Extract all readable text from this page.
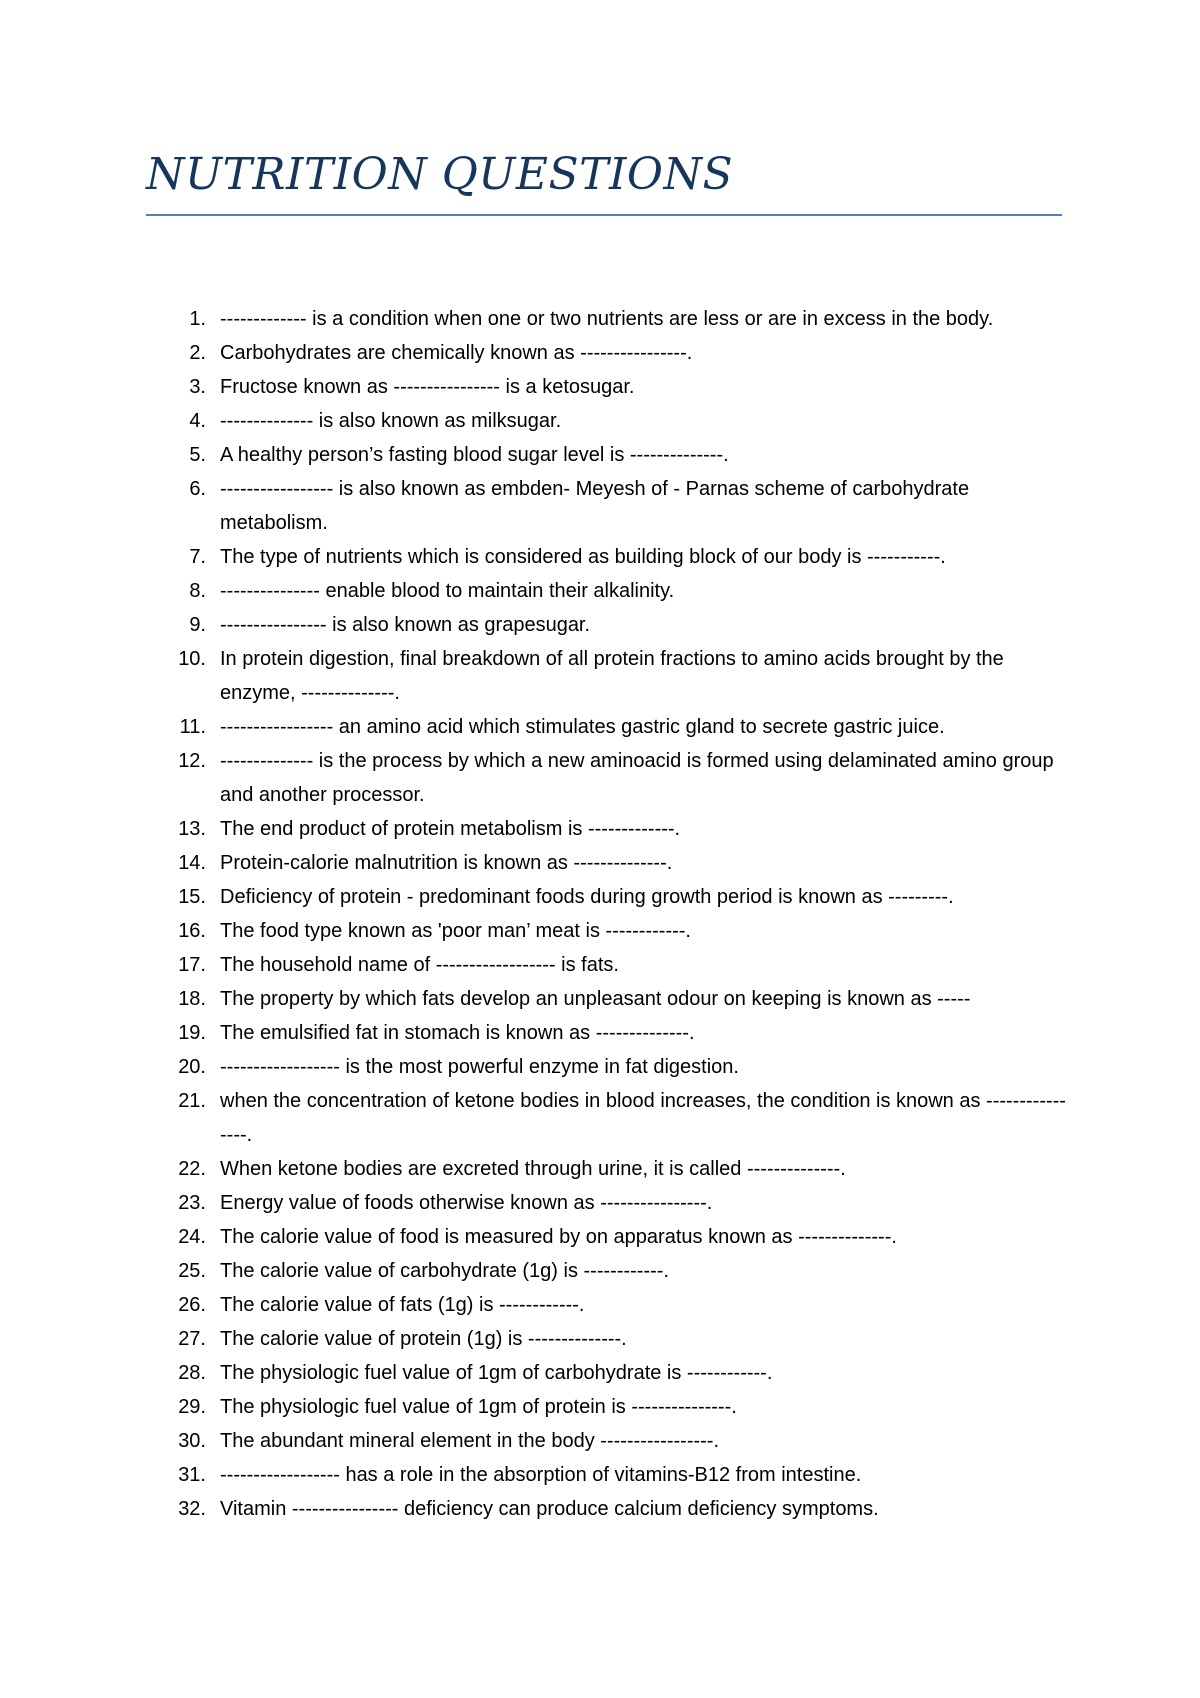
NUTRITION QUESTIONS
1. ------------- is a condition when one or two nutrients are less or are in excess in the body.
2. Carbohydrates are chemically known as ----------------.
3. Fructose known as ---------------- is a ketosugar.
4. -------------- is also known as milksugar.
5. A healthy person’s fasting blood sugar level is --------------.
6. ----------------- is also known as embden- Meyesh of - Parnas scheme of carbohydrate metabolism.
7. The type of nutrients which is considered as building block of our body is -----------.
8. --------------- enable blood to maintain their alkalinity.
9. ---------------- is also known as grapesugar.
10. In protein digestion, final breakdown of all protein fractions to amino acids brought by the enzyme, --------------.
11. ----------------- an amino acid which stimulates gastric gland to secrete gastric juice.
12. -------------- is the process by which a new aminoacid is formed using delaminated amino group and another processor.
13. The end product of protein metabolism is -------------.
14. Protein-calorie malnutrition is known as --------------.
15. Deficiency of protein - predominant foods during growth period is known as ---------.
16. The food type known as 'poor man’ meat is ------------.
17. The household name of ------------------ is fats.
18. The property by which fats develop an unpleasant odour on keeping is known as -----
19. The emulsified fat in stomach is known as --------------.
20. ------------------ is the most powerful enzyme in fat digestion.
21. when the concentration of ketone bodies in blood increases, the condition is known as ----------------.
22. When ketone bodies are excreted through urine, it is called --------------.
23. Energy value of foods otherwise known as ----------------.
24. The calorie value of food is measured by on apparatus known as --------------.
25. The calorie value of carbohydrate (1g) is ------------.
26. The calorie value of fats (1g) is ------------.
27. The calorie value of protein (1g) is --------------.
28. The physiologic fuel value of 1gm of carbohydrate is ------------.
29. The physiologic fuel value of 1gm of protein is ---------------.
30. The abundant mineral element in the body -----------------.
31. ------------------ has a role in the absorption of vitamins-B12 from intestine.
32. Vitamin ---------------- deficiency can produce calcium deficiency symptoms.
